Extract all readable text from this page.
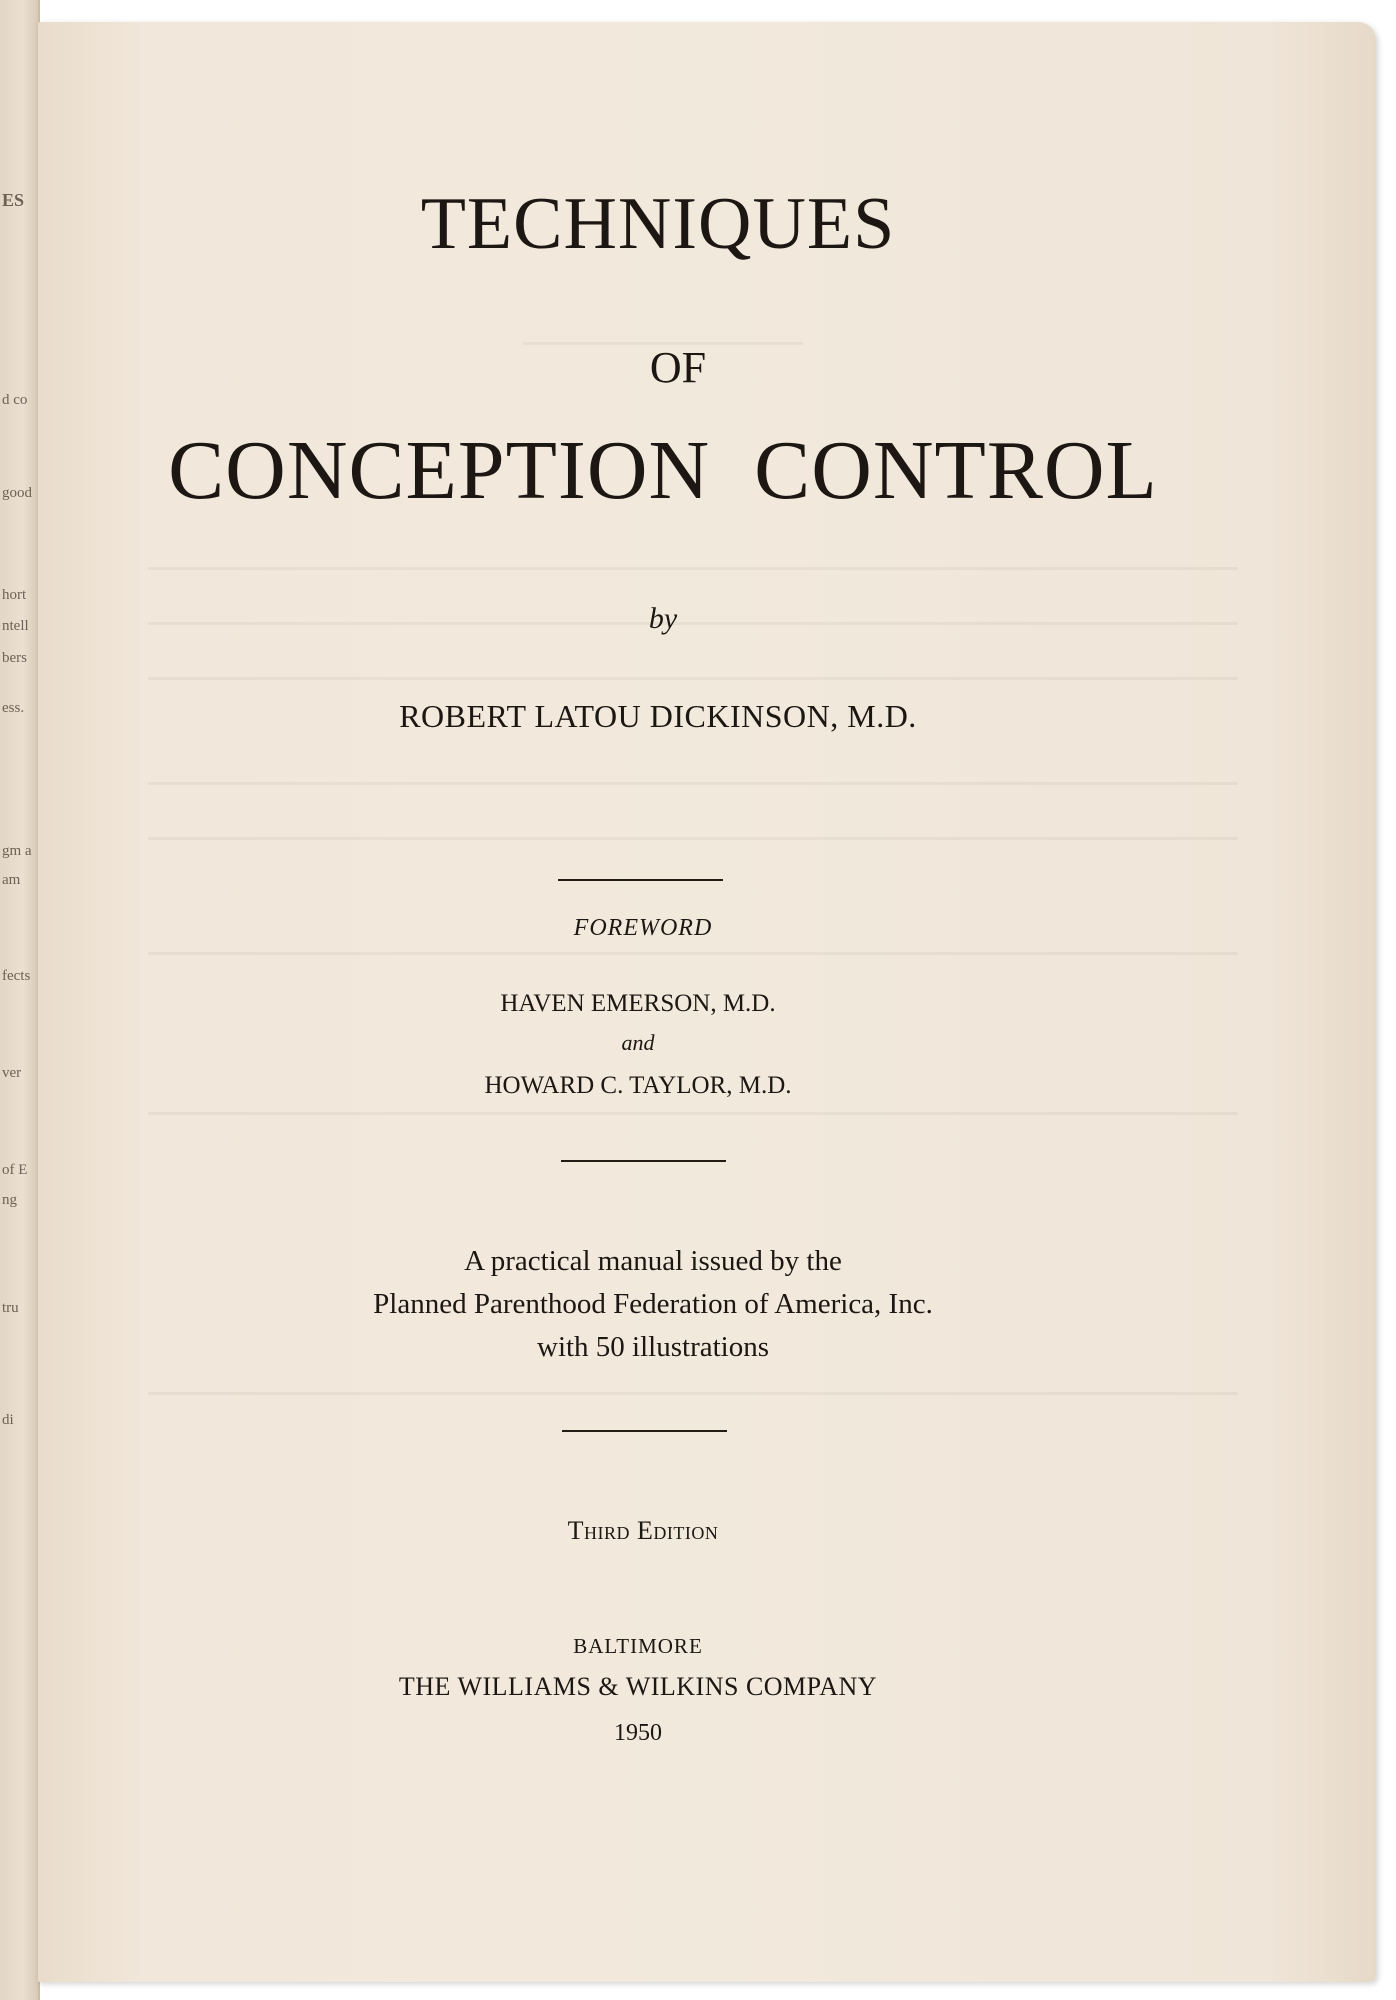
ES
d co
good
hort
ntell
bers
ess.
gm a
am
fects
ver
of E
ng
tru
di
TECHNIQUES
OF
CONCEPTION  CONTROL
by
ROBERT LATOU DICKINSON, M.D.
FOREWORD
HAVEN EMERSON, M.D.
and
HOWARD C. TAYLOR, M.D.
A practical manual issued by the
Planned Parenthood Federation of America, Inc.
with 50 illustrations
Third Edition
BALTIMORE
THE WILLIAMS & WILKINS COMPANY
1950
